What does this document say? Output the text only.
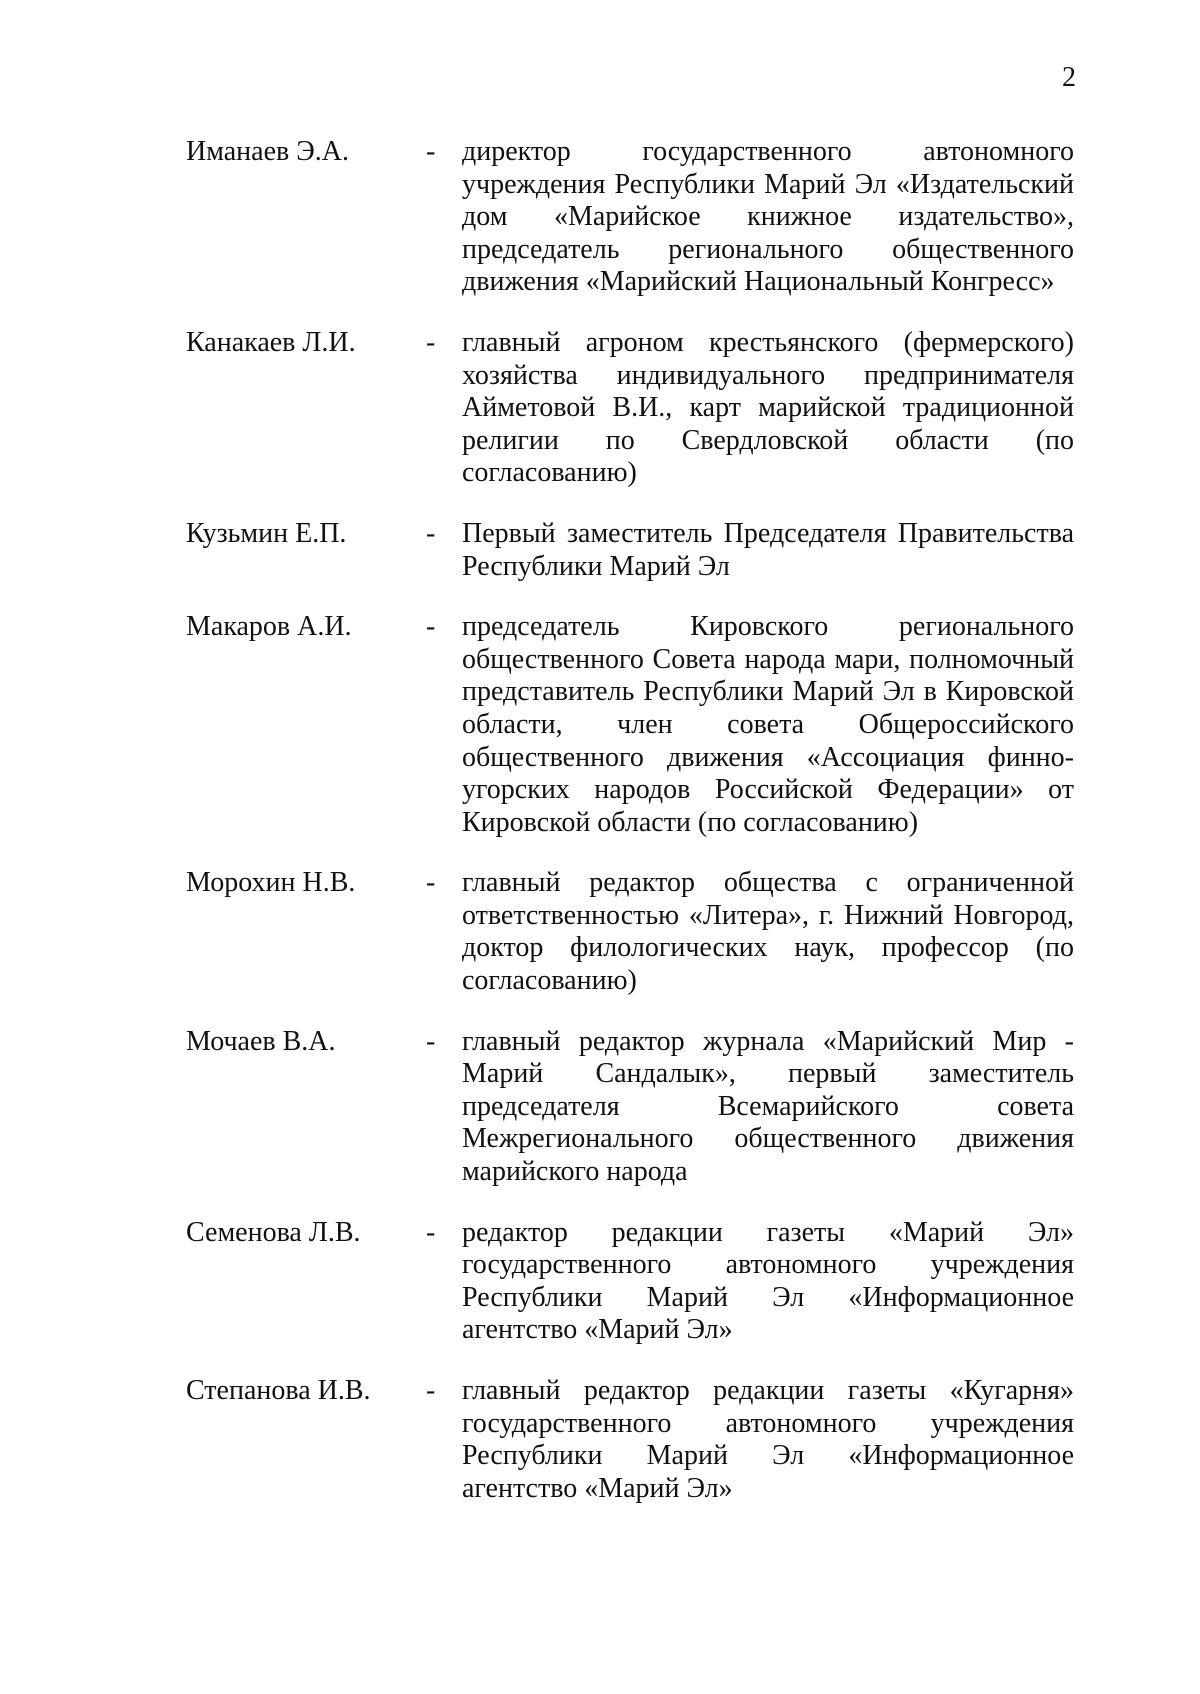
2
Иманаев Э.А.	- директор государственного автономного учреждения Республики Марий Эл «Издательский дом «Марийское книжное издательство», председатель регионального общественного движения «Марийский Национальный Конгресс»
Канакаев Л.И.	- главный агроном крестьянского (фермерского) хозяйства индивидуального предпринимателя Айметовой В.И., карт марийской традиционной религии по Свердловской области (по согласованию)
Кузьмин Е.П.	- Первый заместитель Председателя Правительства Республики Марий Эл
Макаров А.И.	- председатель Кировского регионального общественного Совета народа мари, полномочный представитель Республики Марий Эл в Кировской области, член совета Общероссийского общественного движения «Ассоциация финно-угорских народов Российской Федерации» от Кировской области (по согласованию)
Морохин Н.В.	- главный редактор общества с ограниченной ответственностью «Литера», г. Нижний Новгород, доктор филологических наук, профессор (по согласованию)
Мочаев В.А.	- главный редактор журнала «Марийский Мир - Марий Сандалык», первый заместитель председателя Всемарийского совета Межрегионального общественного движения марийского народа
Семенова Л.В.	- редактор редакции газеты «Марий Эл» государственного автономного учреждения Республики Марий Эл «Информационное агентство «Марий Эл»
Степанова И.В.	- главный редактор редакции газеты «Кугарня» государственного автономного учреждения Республики Марий Эл «Информационное агентство «Марий Эл»
